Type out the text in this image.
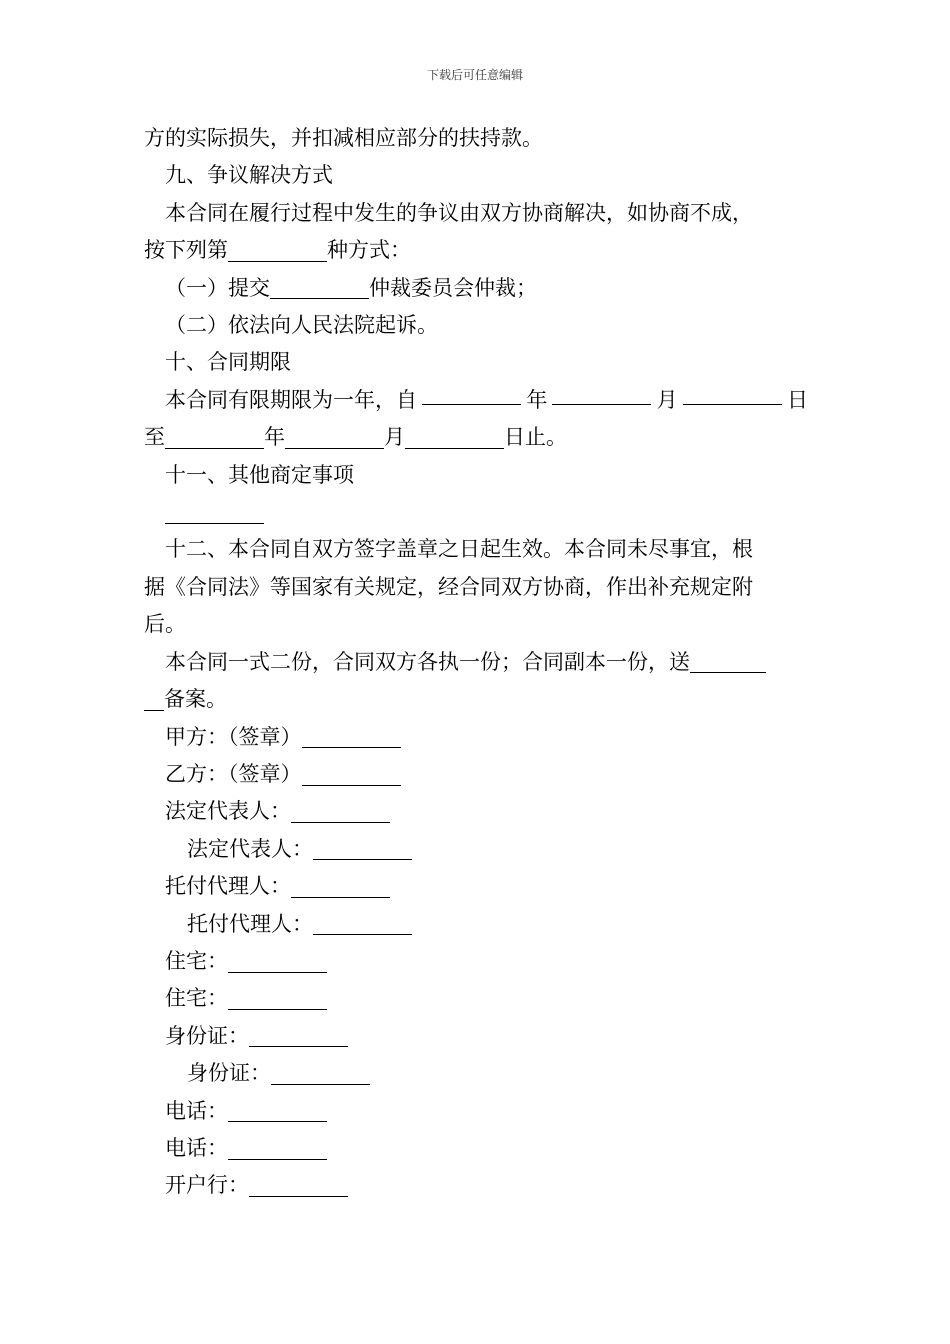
下载后可任意编辑
方的实际损失，并扣减相应部分的扶持款。
九、争议解决方式
本合同在履行过程中发生的争议由双方协商解决，如协商不成，
按下列第	种方式：
（一）提交	仲裁委员会仲裁；
（二）依法向人民法院起诉。
十、合同期限
本合同有限期限为一年，自	年	月	日
至	年	月	日止。
十一、其他商定事项
十二、本合同自双方签字盖章之日起生效。本合同未尽事宜，根
据《合同法》等国家有关规定，经合同双方协商，作出补充规定附
后。
本合同一式二份，合同双方各执一份；合同副本一份，送
备案。
甲方：（签章）
乙方：（签章）
法定代表人：
法定代表人：
托付代理人：
托付代理人：
住宅：
住宅：
身份证：
身份证：
电话：
电话：
开户行：
